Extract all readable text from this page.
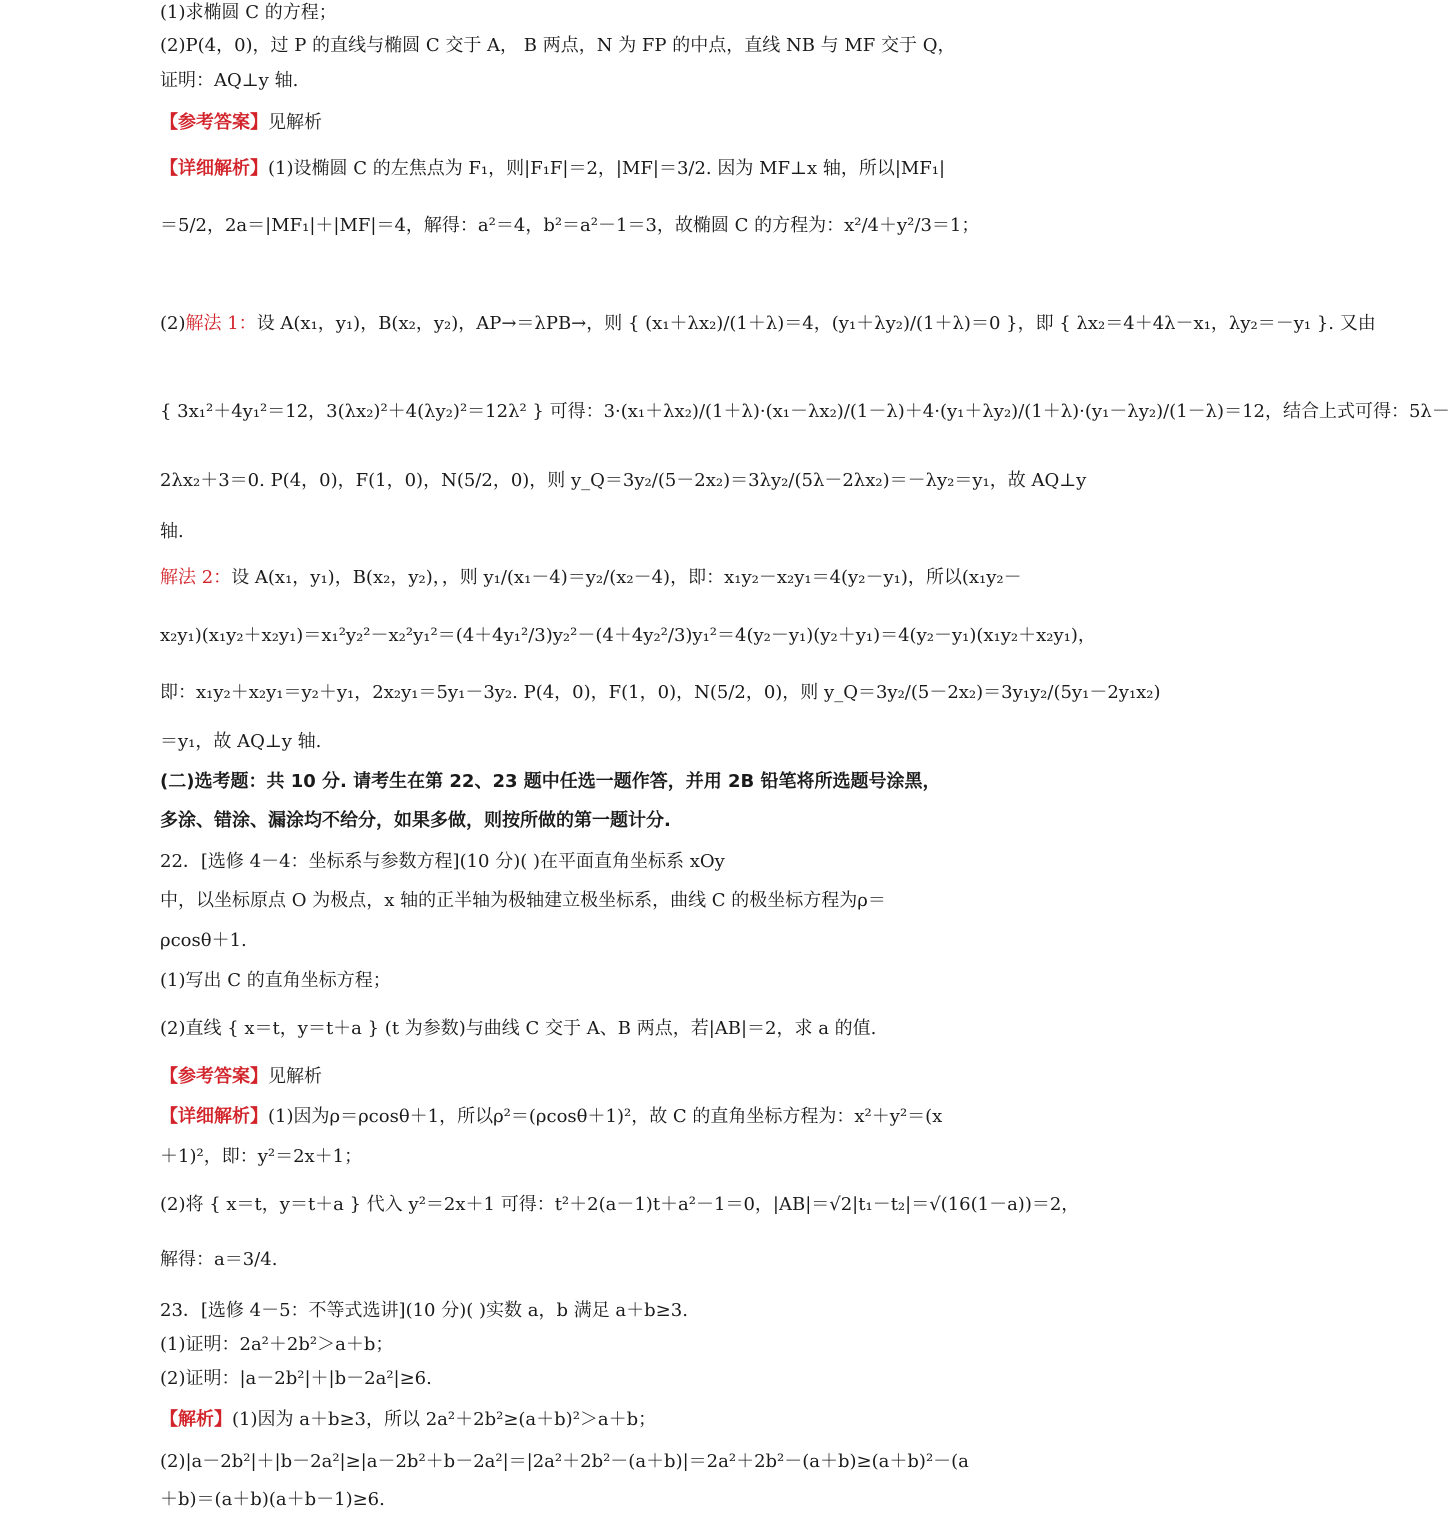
(1)求椭圆 C 的方程；
(2)P(4，0)，过 P 的直线与椭圆 C 交于 A， B 两点，N 为 FP 的中点，直线 NB 与 MF 交于 Q，
证明：AQ⊥y 轴.
【参考答案】见解析
【详细解析】(1)设椭圆 C 的左焦点为 F₁，则|F₁F|＝2，|MF|＝3/2. 因为 MF⊥x 轴，所以|MF₁|
＝5/2，2a＝|MF₁|＋|MF|＝4，解得：a²＝4，b²＝a²－1＝3，故椭圆 C 的方程为：x²/4＋y²/3＝1；
(2)解法 1：设 A(x₁，y₁)，B(x₂，y₂)，AP→＝λPB→，则 { (x₁＋λx₂)/(1＋λ)＝4，(y₁＋λy₂)/(1＋λ)＝0 }，即 { λx₂＝4＋4λ－x₁，λy₂＝－y₁ }. 又由
{ 3x₁²＋4y₁²＝12，3(λx₂)²＋4(λy₂)²＝12λ² } 可得：3·(x₁＋λx₂)/(1＋λ)·(x₁－λx₂)/(1－λ)＋4·(y₁＋λy₂)/(1＋λ)·(y₁－λy₂)/(1－λ)＝12，结合上式可得：5λ－
2λx₂＋3＝0. P(4，0)，F(1，0)，N(5/2，0)，则 y_Q＝3y₂/(5－2x₂)＝3λy₂/(5λ－2λx₂)＝－λy₂＝y₁，故 AQ⊥y
轴.
解法 2：设 A(x₁，y₁)，B(x₂，y₂)，，则 y₁/(x₁－4)＝y₂/(x₂－4)，即：x₁y₂－x₂y₁＝4(y₂－y₁)，所以(x₁y₂－
x₂y₁)(x₁y₂＋x₂y₁)＝x₁²y₂²－x₂²y₁²＝(4＋4y₁²/3)y₂²－(4＋4y₂²/3)y₁²＝4(y₂－y₁)(y₂＋y₁)＝4(y₂－y₁)(x₁y₂＋x₂y₁)，
即：x₁y₂＋x₂y₁＝y₂＋y₁，2x₂y₁＝5y₁－3y₂. P(4，0)，F(1，0)，N(5/2，0)，则 y_Q＝3y₂/(5－2x₂)＝3y₁y₂/(5y₁－2y₁x₂)
＝y₁，故 AQ⊥y 轴.
(二)选考题：共 10 分. 请考生在第 22、23 题中任选一题作答，并用 2B 铅笔将所选题号涂黑，
多涂、错涂、漏涂均不给分，如果多做，则按所做的第一题计分.
22．[选修 4－4：坐标系与参数方程](10 分)( )在平面直角坐标系 xOy
中，以坐标原点 O 为极点，x 轴的正半轴为极轴建立极坐标系，曲线 C 的极坐标方程为ρ＝
ρcosθ＋1.
(1)写出 C 的直角坐标方程；
(2)直线 { x＝t，y＝t＋a } (t 为参数)与曲线 C 交于 A、B 两点，若|AB|＝2，求 a 的值.
【参考答案】见解析
【详细解析】(1)因为ρ＝ρcosθ＋1，所以ρ²＝(ρcosθ＋1)²，故 C 的直角坐标方程为：x²＋y²＝(x
＋1)²，即：y²＝2x＋1；
(2)将 { x＝t，y＝t＋a } 代入 y²＝2x＋1 可得：t²＋2(a－1)t＋a²－1＝0，|AB|＝√2|t₁－t₂|＝√(16(1－a))＝2，
解得：a＝3/4.
23．[选修 4－5：不等式选讲](10 分)( )实数 a，b 满足 a＋b≥3.
(1)证明：2a²＋2b²＞a＋b；
(2)证明：|a－2b²|＋|b－2a²|≥6.
【解析】(1)因为 a＋b≥3，所以 2a²＋2b²≥(a＋b)²＞a＋b；
(2)|a－2b²|＋|b－2a²|≥|a－2b²＋b－2a²|＝|2a²＋2b²－(a＋b)|＝2a²＋2b²－(a＋b)≥(a＋b)²－(a
＋b)＝(a＋b)(a＋b－1)≥6.
